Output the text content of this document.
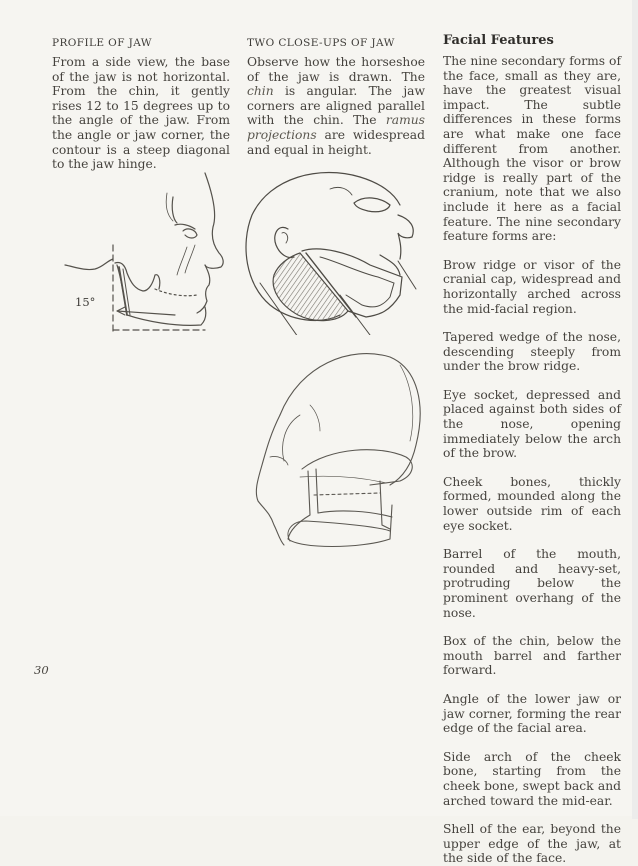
PROFILE OF JAW

From a side view, the base of the jaw is not horizontal. From the chin, it gently rises 12 to 15 degrees up to the angle of the jaw. From the angle or jaw corner, the contour is a steep diagonal to the jaw hinge.

TWO CLOSE-UPS OF JAW

Observe how the horseshoe of the jaw is drawn. The chin is angular. The jaw corners are aligned parallel with the chin. The ramus projections are widespread and equal in height.

Facial Features

The nine secondary forms of the face, small as they are, have the greatest visual impact. The subtle differences in these forms are what make one face different from another. Although the visor or brow ridge is really part of the cranium, note that we also include it here as a facial feature. The nine secondary feature forms are:

Brow ridge or visor of the cranial cap, widespread and horizontally arched across the mid-facial region.

Tapered wedge of the nose, descending steeply from under the brow ridge.

Eye socket, depressed and placed against both sides of the nose, opening immediately below the arch of the brow.

Cheek bones, thickly formed, mounded along the lower outside rim of each eye socket.

Barrel of the mouth, rounded and heavy-set, protruding below the prominent overhang of the nose.

Box of the chin, below the mouth barrel and farther forward.

Angle of the lower jaw or jaw corner, forming the rear edge of the facial area.

Side arch of the cheek bone, starting from the cheek bone, swept back and arched toward the mid-ear.

Shell of the ear, beyond the upper edge of the jaw, at the side of the face.

15°
30
